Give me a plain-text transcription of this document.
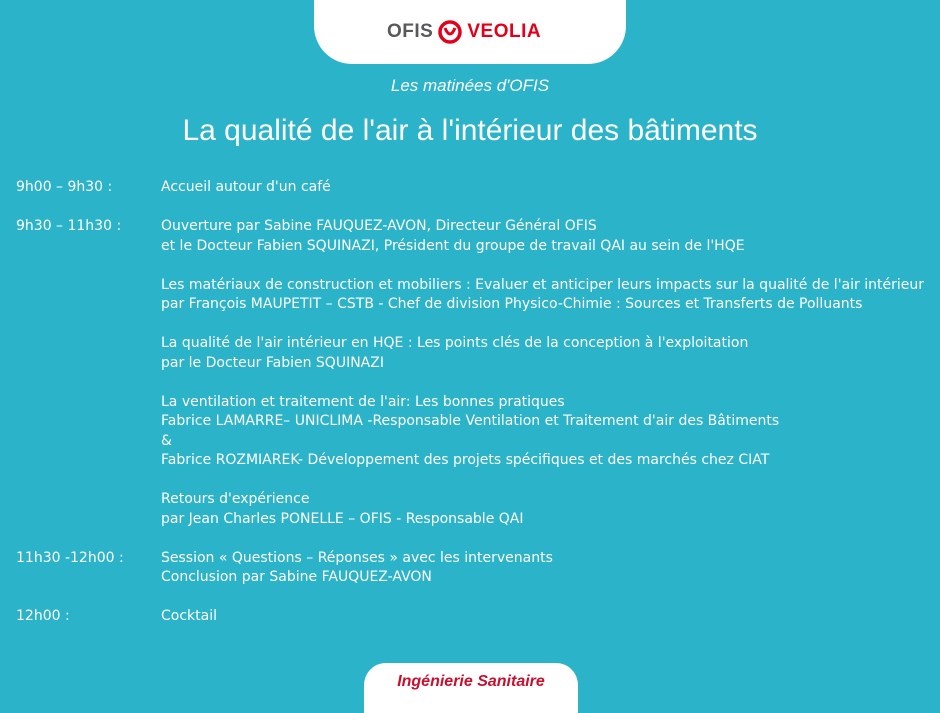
OFIS VEOLIA
Les matinées d'OFIS
La qualité de l'air à l'intérieur des bâtiments
9h00 – 9h30 :	Accueil autour d'un café

9h30 – 11h30 :	Ouverture par Sabine FAUQUEZ-AVON, Directeur Général OFIS

et le Docteur Fabien SQUINAZI, Président du groupe de travail QAI au sein de l'HQE

Les matériaux de construction et mobiliers : Evaluer et anticiper leurs impacts sur la qualité de l'air intérieur

par François MAUPETIT – CSTB - Chef de division Physico-Chimie : Sources et Transferts de Polluants

La qualité de l'air intérieur en HQE : Les points clés de la conception à l'exploitation

par le Docteur Fabien SQUINAZI

La ventilation et traitement de l'air: Les bonnes pratiques

Fabrice LAMARRE– UNICLIMA -Responsable Ventilation et Traitement d'air des Bâtiments

&

Fabrice ROZMIAREK- Développement des projets spécifiques et des marchés chez CIAT

Retours d'expérience

par Jean Charles PONELLE – OFIS - Responsable QAI

11h30 -12h00 :	Session « Questions – Réponses » avec les intervenants

Conclusion par Sabine FAUQUEZ-AVON

12h00 :	Cocktail

Ingénierie Sanitaire
